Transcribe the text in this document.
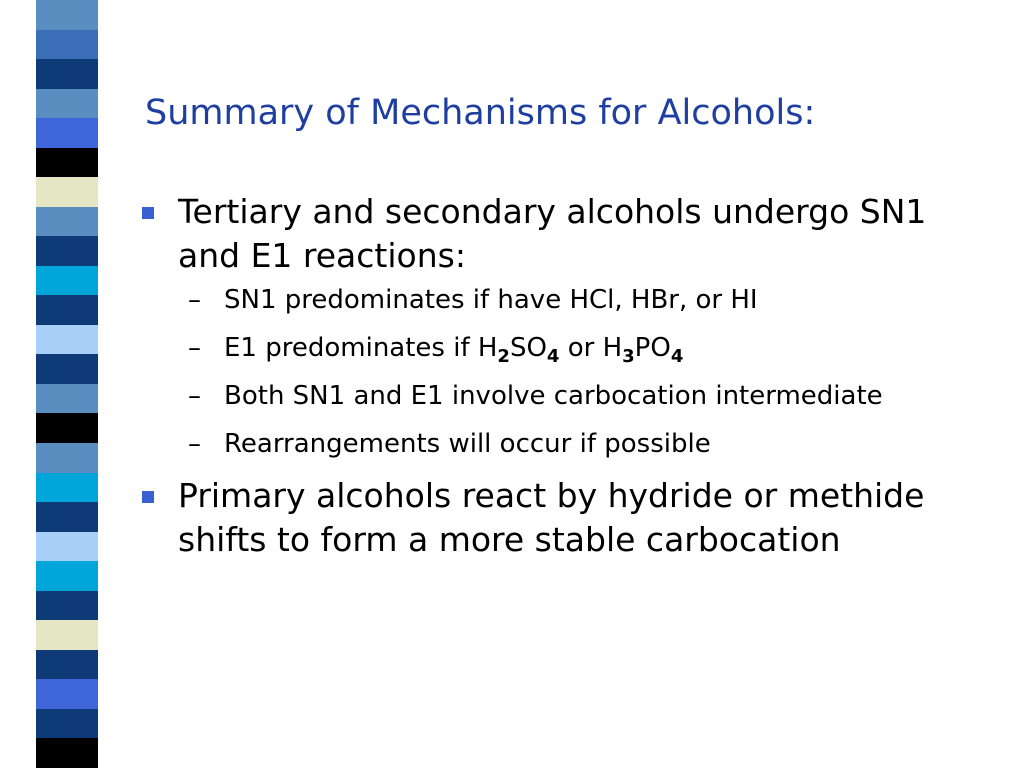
Summary of Mechanisms for Alcohols:
Tertiary and secondary alcohols undergo SN1 and E1 reactions:
– SN1 predominates if have HCl, HBr, or HI
– E1 predominates if $H_2SO_4$ or $H_3PO_4$
– Both SN1 and E1 involve carbocation intermediate
– Rearrangements will occur if possible
Primary alcohols react by hydride or methide shifts to form a more stable carbocation
